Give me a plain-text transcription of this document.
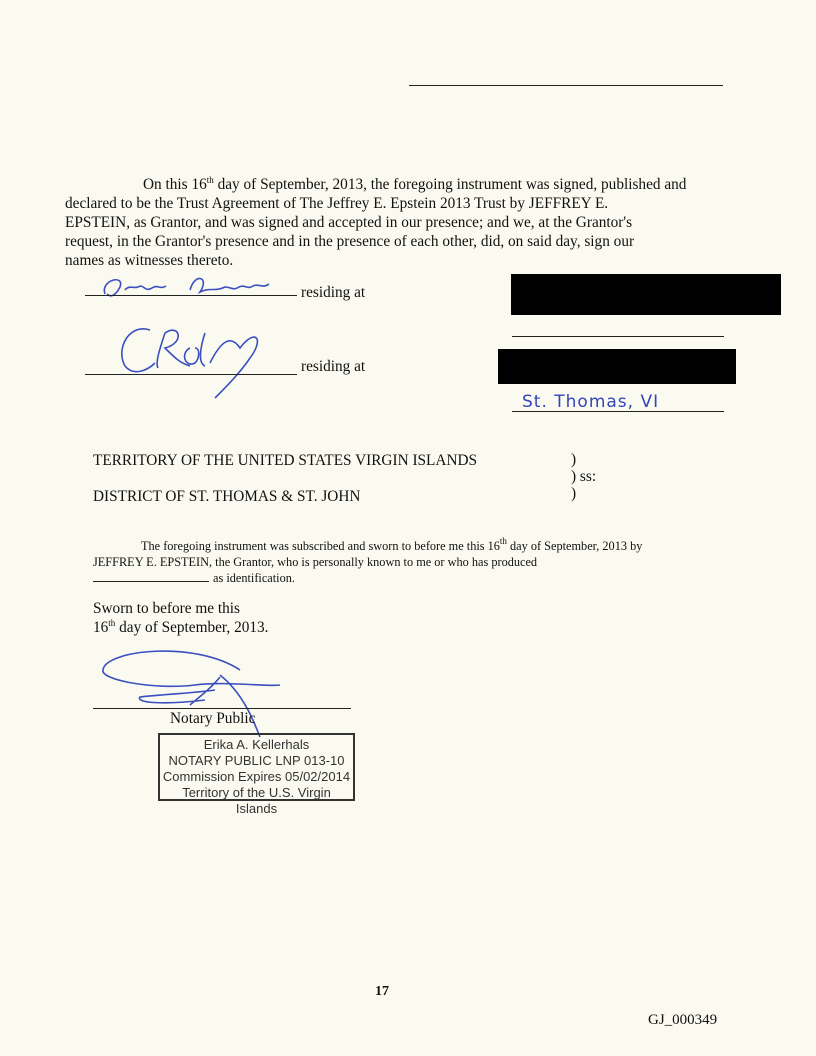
On this 16th day of September, 2013, the foregoing instrument was signed, published and
declared to be the Trust Agreement of The Jeffrey E. Epstein 2013 Trust by JEFFREY E.
EPSTEIN, as Grantor, and was signed and accepted in our presence; and we, at the Grantor's
request, in the Grantor's presence and in the presence of each other, did, on said day, sign our
names as witnesses thereto.
residing at
residing at
St. Thomas, VI
TERRITORY OF THE UNITED STATES VIRGIN ISLANDS
DISTRICT OF ST. THOMAS & ST. JOHN
)
) ss:
)
The foregoing instrument was subscribed and sworn to before me this 16th day of September, 2013 by
JEFFREY E. EPSTEIN, the Grantor, who is personally known to me or who has produced
as identification.
Sworn to before me this
16th day of September, 2013.
Notary Public
Erika A. Kellerhals
NOTARY PUBLIC LNP 013-10
Commission Expires 05/02/2014
Territory of the U.S. Virgin Islands
17
GJ_000349
